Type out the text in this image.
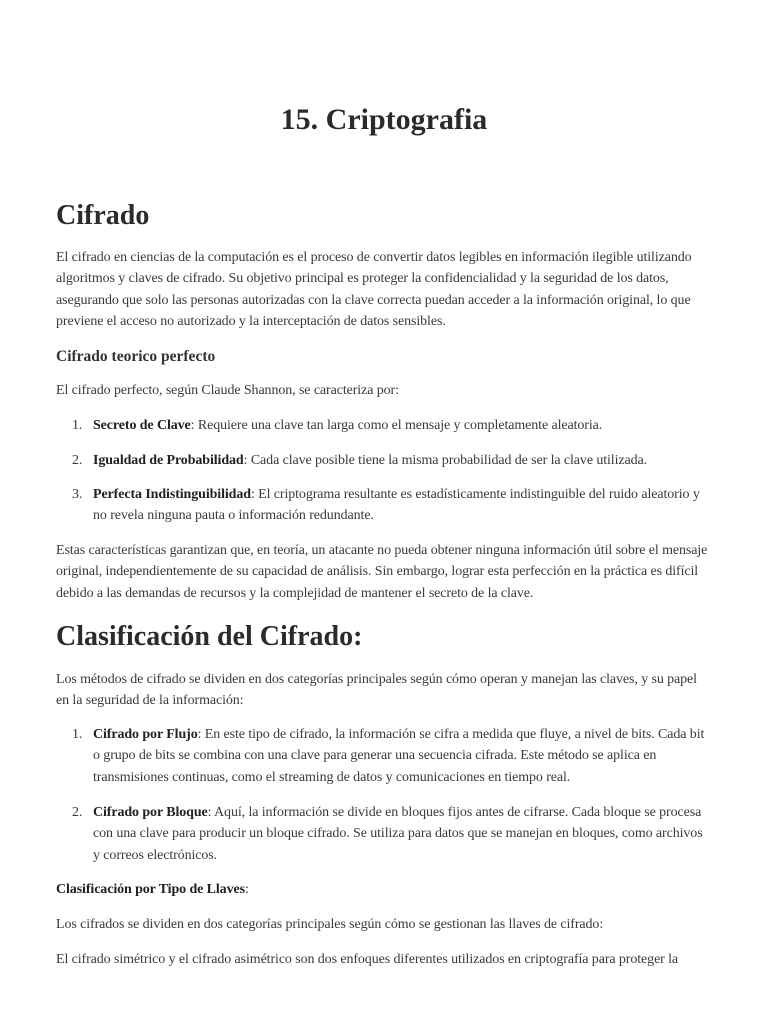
15. Criptografia
Cifrado

El cifrado en ciencias de la computación es el proceso de convertir datos legibles en información ilegible utilizando algoritmos y claves de cifrado. Su objetivo principal es proteger la confidencialidad y la seguridad de los datos, asegurando que solo las personas autorizadas con la clave correcta puedan acceder a la información original, lo que previene el acceso no autorizado y la interceptación de datos sensibles.

Cifrado teorico perfecto

El cifrado perfecto, según Claude Shannon, se caracteriza por:

1. Secreto de Clave: Requiere una clave tan larga como el mensaje y completamente aleatoria.

2. Igualdad de Probabilidad: Cada clave posible tiene la misma probabilidad de ser la clave utilizada.

3. Perfecta Indistinguibilidad: El criptograma resultante es estadísticamente indistinguible del ruido aleatorio y no revela ninguna pauta o información redundante.

Estas características garantizan que, en teoría, un atacante no pueda obtener ninguna información útil sobre el mensaje original, independientemente de su capacidad de análisis. Sin embargo, lograr esta perfección en la práctica es difícil debido a las demandas de recursos y la complejidad de mantener el secreto de la clave.

Clasificación del Cifrado:

Los métodos de cifrado se dividen en dos categorías principales según cómo operan y manejan las claves, y su papel en la seguridad de la información:

1. Cifrado por Flujo: En este tipo de cifrado, la información se cifra a medida que fluye, a nivel de bits. Cada bit o grupo de bits se combina con una clave para generar una secuencia cifrada. Este método se aplica en transmisiones continuas, como el streaming de datos y comunicaciones en tiempo real.

2. Cifrado por Bloque: Aquí, la información se divide en bloques fijos antes de cifrarse. Cada bloque se procesa con una clave para producir un bloque cifrado. Se utiliza para datos que se manejan en bloques, como archivos y correos electrónicos.

Clasificación por Tipo de Llaves:

Los cifrados se dividen en dos categorías principales según cómo se gestionan las llaves de cifrado:

El cifrado simétrico y el cifrado asimétrico son dos enfoques diferentes utilizados en criptografía para proteger la
